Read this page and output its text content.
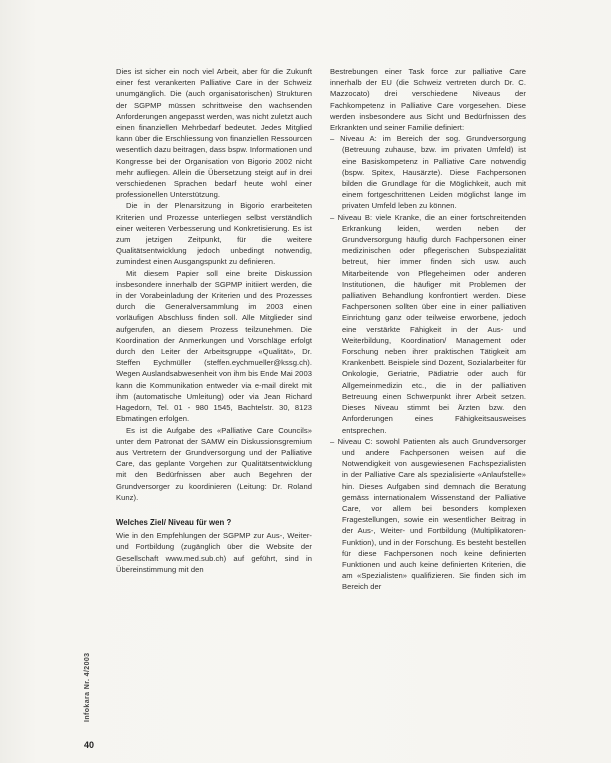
Dies ist sicher ein noch viel Arbeit, aber für die Zukunft einer fest verankerten Palliative Care in der Schweiz unumgänglich. Die (auch organisatorischen) Strukturen der SGPMP müssen schrittweise den wachsenden Anforderungen angepasst werden, was nicht zuletzt auch einen finanziellen Mehrbedarf bedeutet. Jedes Mitglied kann über die Erschliessung von finanziellen Ressourcen wesentlich dazu beitragen, dass bspw. Informationen und Kongresse bei der Organisation von Bigorio 2002 nicht mehr aufliegen. Allein die Übersetzung steigt auf in drei verschiedenen Sprachen bedarf heute wohl einer professionellen Unterstützung.

Die in der Plenarsitzung in Bigorio erarbeiteten Kriterien und Prozesse unterliegen selbst verständlich einer weiteren Verbesserung und Konkretisierung. Es ist zum jetzigen Zeitpunkt, für die weitere Qualitätsentwicklung jedoch unbedingt notwendig, zumindest einen Ausgangspunkt zu definieren.

Mit diesem Papier soll eine breite Diskussion insbesondere innerhalb der SGPMP initiiert werden, die in der Vorabeinladung der Kriterien und des Prozesses durch die Generalversammlung im 2003 einen vorläufigen Abschluss finden soll. Alle Mitglieder sind aufgerufen, an diesem Prozess teilzunehmen. Die Koordination der Anmerkungen und Vorschläge erfolgt durch den Leiter der Arbeitsgruppe «Qualität», Dr. Steffen Eychmüller (steffen.eychmueller@kssg.ch). Wegen Auslandsabwesenheit von ihm bis Ende Mai 2003 kann die Kommunikation entweder via e-mail direkt mit ihm (automatische Umleitung) oder via Jean Richard Hagedorn, Tel. 01 - 980 1545, Bachtelstr. 30, 8123 Ebmatingen erfolgen.

Es ist die Aufgabe des «Palliative Care Councils» unter dem Patronat der SAMW ein Diskussionsgremium aus Vertretern der Grundversorgung und der Palliative Care, das geplante Vorgehen zur Qualitätsentwicklung mit den Bedürfnissen aber auch Begehren der Grundversorger zu koordinieren (Leitung: Dr. Roland Kunz).

Welches Ziel/ Niveau für wen ?

Wie in den Empfehlungen der SGPMP zur Aus-, Weiter- und Fortbildung (zugänglich über die Website der Gesellschaft www.med.sub.ch) auf geführt, sind in Übereinstimmung mit den

Bestrebungen einer Task force zur palliative Care innerhalb der EU (die Schweiz vertreten durch Dr. C. Mazzocato) drei verschiedene Niveaus der Fachkompetenz in Palliative Care vorgesehen. Diese werden insbesondere aus Sicht und Bedürfnissen des Erkrankten und seiner Familie definiert:

– Niveau A: im Bereich der sog. Grundversorgung (Betreuung zuhause, bzw. im privaten Umfeld) ist eine Basiskompetenz in Palliative Care notwendig (bspw. Spitex, Hausärzte). Diese Fachpersonen bilden die Grundlage für die Möglichkeit, auch mit einem fortgeschrittenen Leiden möglichst lange im privaten Umfeld leben zu können.

– Niveau B: viele Kranke, die an einer fortschreitenden Erkrankung leiden, werden neben der Grundversorgung häufig durch Fachpersonen einer medizinischen oder pflegerischen Subspezialität betreut, hier immer finden sich usw. auch Mitarbeitende von Pflegeheimen oder anderen Institutionen, die häufiger mit Problemen der palliativen Behandlung konfrontiert werden. Diese Fachpersonen sollten über eine in einer palliativen Einrichtung ganz oder teilweise erworbene, jedoch eine verstärkte Fähigkeit in der Aus- und Weiterbildung, Koordination/ Management oder Forschung neben ihrer praktischen Tätigkeit am Krankenbett. Beispiele sind Dozent, Sozialarbeiter für Onkologie, Geriatrie, Pädiatrie oder auch für Allgemeinmedizin etc., die in der palliativen Betreuung einen Schwerpunkt ihrer Arbeit setzen. Dieses Niveau stimmt bei Ärzten bzw. den Anforderungen eines Fähigkeitsausweises entsprechen.

– Niveau C: sowohl Patienten als auch Grundversorger und andere Fachpersonen weisen auf die Notwendigkeit von ausgewiesenen Fachspezialisten in der Palliative Care als spezialisierte «Anlaufstelle» hin. Dieses Aufgaben sind demnach die Beratung gemäss internationalem Wissenstand der Palliative Care, vor allem bei besonders komplexen Fragestellungen, sowie ein wesentlicher Beitrag in der Aus-, Weiter- und Fortbildung (Multiplikatoren-Funktion), und in der Forschung. Es besteht bestellen für diese Fachpersonen noch keine definierten Funktionen und auch keine definierten Kriterien, die am «Spezialisten» qualifizieren. Sie finden sich im Bereich der

Infokara Nr. 4/2003
40
